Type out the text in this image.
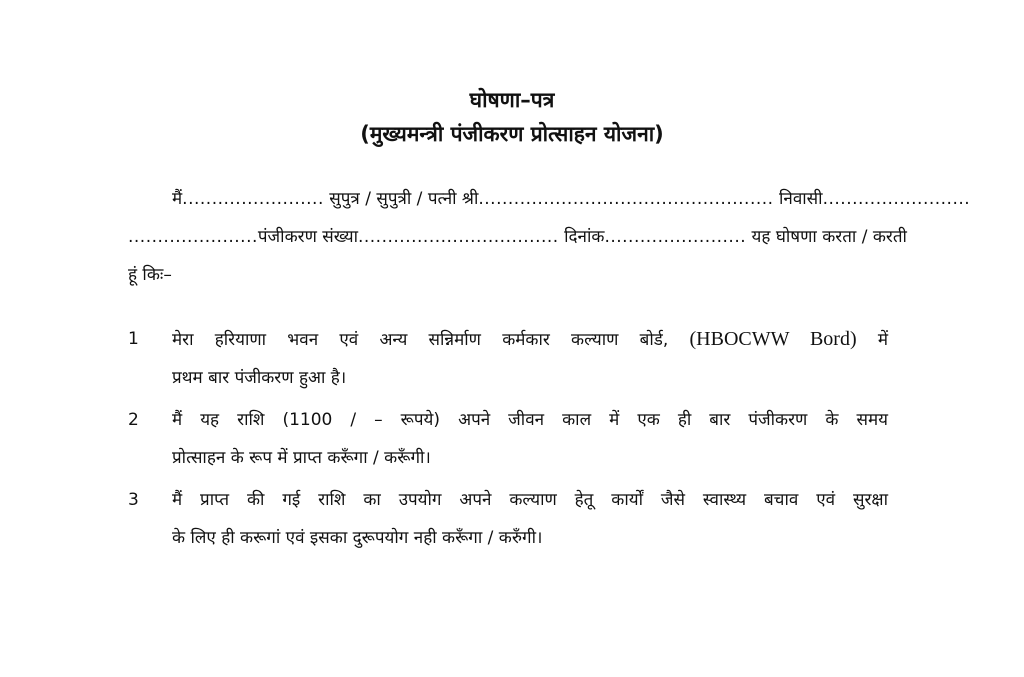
घोषणा–पत्र
(मुख्यमन्त्री पंजीकरण प्रोत्साहन योजना)
मैं........................ सुपुत्र / सुपुत्री / पत्नी श्री.................................................. निवासी.........................
......................पंजीकरण संख्या.................................. दिनांक........................ यह घोषणा करता / करती
हूं किः–
1	मेरा हरियाणा भवन एवं अन्य सन्निर्माण कर्मकार कल्याण बोर्ड, (HBOCWW Bord) में
प्रथम बार पंजीकरण हुआ है।
2	मैं यह राशि (1100 / – रूपये) अपने जीवन काल में एक ही बार पंजीकरण के समय
प्रोत्साहन के रूप में प्राप्त करूँगा / करूँगी।
3	मैं प्राप्त की गई राशि का उपयोग अपने कल्याण हेतू कार्यों जैसे स्वास्थ्य बचाव एवं सुरक्षा
के लिए ही करूगां एवं इसका दुरूपयोग नही करूँगा / करुँगी।
